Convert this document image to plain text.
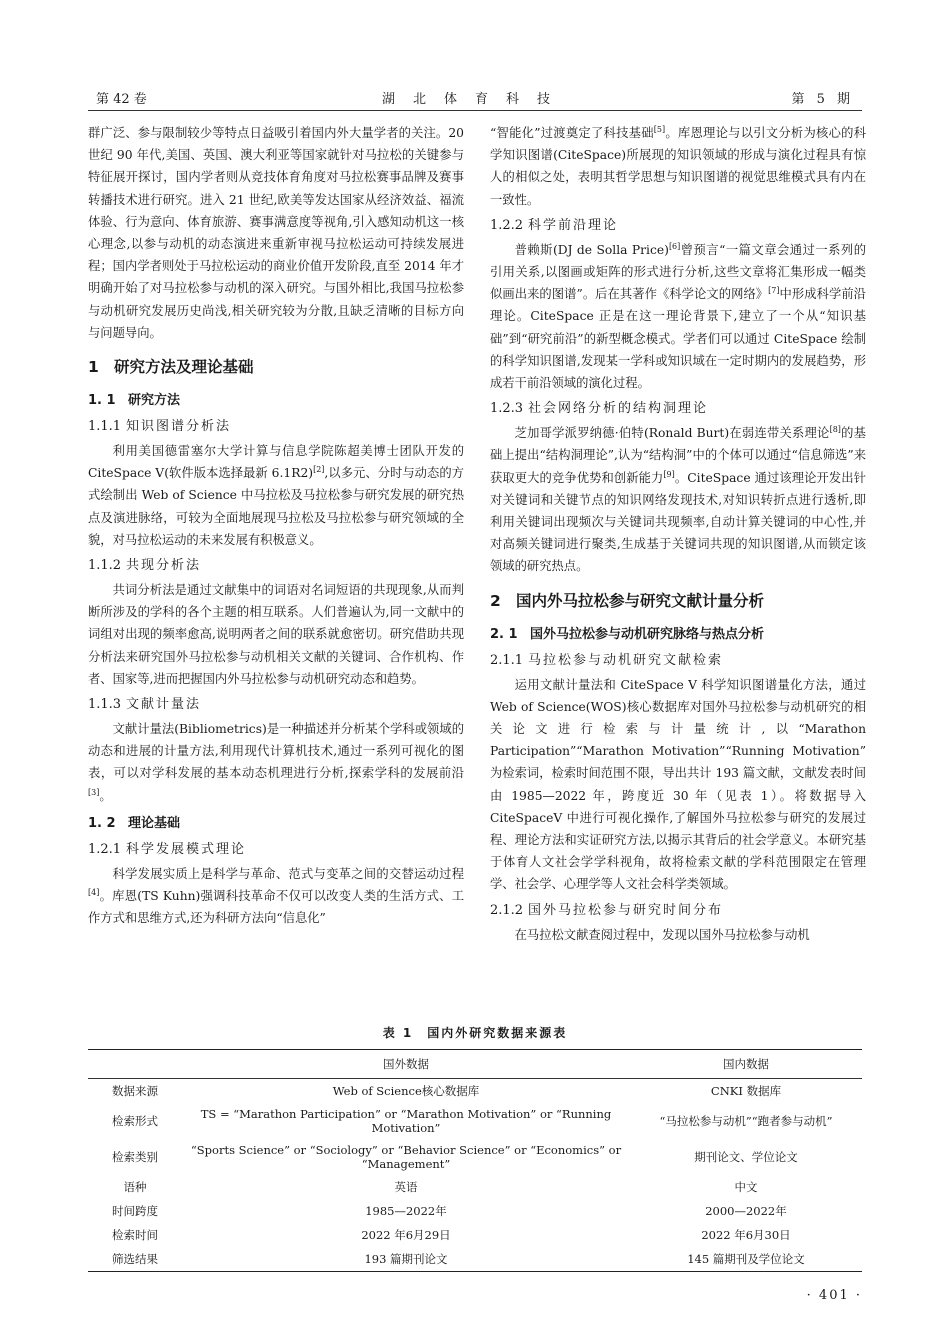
第 42 卷	湖北体育科技	第 5 期

群广泛、参与限制较少等特点日益吸引着国内外大量学者的关注。20 世纪 90 年代,美国、英国、澳大利亚等国家就针对马拉松的关键参与特征展开探讨，国内学者则从竞技体育角度对马拉松赛事品牌及赛事转播技术进行研究。进入 21 世纪,欧美等发达国家从经济效益、福流体验、行为意向、体育旅游、赛事满意度等视角,引入感知动机这一核心理念,以参与动机的动态演进来重新审视马拉松运动可持续发展进程；国内学者则处于马拉松运动的商业价值开发阶段,直至 2014 年才明确开始了对马拉松参与动机的深入研究。与国外相比,我国马拉松参与动机研究发展历史尚浅,相关研究较为分散,且缺乏清晰的目标方向与问题导向。

1 研究方法及理论基础
1. 1 研究方法
1.1.1 知识图谱分析法

利用美国德雷塞尔大学计算与信息学院陈超美博士团队开发的 CiteSpace Ⅴ(软件版本选择最新 6.1R2)[2],以多元、分时与动态的方式绘制出 Web of Science 中马拉松及马拉松参与研究发展的研究热点及演进脉络，可较为全面地展现马拉松及马拉松参与研究领域的全貌，对马拉松运动的未来发展有积极意义。

1.1.2 共现分析法

共词分析法是通过文献集中的词语对名词短语的共现现象,从而判断所涉及的学科的各个主题的相互联系。人们普遍认为,同一文献中的词组对出现的频率愈高,说明两者之间的联系就愈密切。研究借助共现分析法来研究国外马拉松参与动机相关文献的关键词、合作机构、作者、国家等,进而把握国内外马拉松参与动机研究动态和趋势。

1.1.3 文献计量法

文献计量法(Bibliometrics)是一种描述并分析某个学科或领域的动态和进展的计量方法,利用现代计算机技术,通过一系列可视化的图表，可以对学科发展的基本动态机理进行分析,探索学科的发展前沿[3]。

1. 2 理论基础
1.2.1 科学发展模式理论

科学发展实质上是科学与革命、范式与变革之间的交替运动过程[4]。库恩(TS Kuhn)强调科技革命不仅可以改变人类的生活方式、工作方式和思维方式,还为科研方法向“信息化”

“智能化”过渡奠定了科技基础[5]。库恩理论与以引文分析为核心的科学知识图谱(CiteSpace)所展现的知识领域的形成与演化过程具有惊人的相似之处，表明其哲学思想与知识图谱的视觉思维模式具有内在一致性。

1.2.2 科学前沿理论

普赖斯(DJ de Solla Price)[6]曾预言“一篇文章会通过一系列的引用关系,以图画或矩阵的形式进行分析,这些文章将汇集形成一幅类似画出来的图谱”。后在其著作《科学论文的网络》[7]中形成科学前沿理论。CiteSpace 正是在这一理论背景下,建立了一个从“知识基础”到“研究前沿”的新型概念模式。学者们可以通过 CiteSpace 绘制的科学知识图谱,发现某一学科或知识域在一定时期内的发展趋势，形成若干前沿领域的演化过程。

1.2.3 社会网络分析的结构洞理论

芝加哥学派罗纳德·伯特(Ronald Burt)在弱连带关系理论[8]的基础上提出“结构洞理论”,认为“结构洞”中的个体可以通过“信息筛选”来获取更大的竞争优势和创新能力[9]。CiteSpace 通过该理论开发出针对关键词和关键节点的知识网络发现技术,对知识转折点进行透析,即利用关键词出现频次与关键词共现频率,自动计算关键词的中心性,并对高频关键词进行聚类,生成基于关键词共现的知识图谱,从而锁定该领域的研究热点。

2 国内外马拉松参与研究文献计量分析
2. 1 国外马拉松参与动机研究脉络与热点分析
2.1.1 马拉松参与动机研究文献检索

运用文献计量法和 CiteSpace V 科学知识图谱量化方法，通过 Web of Science(WOS)核心数据库对国外马拉松参与动机研究的相关论文进行检索与计量统计,以“Marathon Participation”“Marathon Motivation”“Running Motivation” 为检索词，检索时间范围不限，导出共计 193 篇文献，文献发表时间由 1985—2022 年，跨度近 30 年（见表 1）。将数据导入 CiteSpaceV 中进行可视化操作,了解国外马拉松参与研究的发展过程、理论方法和实证研究方法,以揭示其背后的社会学意义。本研究基于体育人文社会学学科视角，故将检索文献的学科范围限定在管理学、社会学、心理学等人文社会科学类领域。

2.1.2 国外马拉松参与研究时间分布

在马拉松文献查阅过程中，发现以国外马拉松参与动机

表 1　国内外研究数据来源表
	国外数据	国内数据
数据来源	Web of Science核心数据库	CNKI 数据库
检索形式	TS = “Marathon Participation” or “Marathon Motivation” or “Running Motivation”	“马拉松参与动机”“跑者参与动机”
检索类别	“Sports Science” or “Sociology” or “Behavior Science” or “Economics” or “Management”	期刊论文、学位论文
语种	英语	中文
时间跨度	1985—2022年	2000—2022年
检索时间	2022 年6月29日	2022 年6月30日
筛选结果	193 篇期刊论文	145 篇期刊及学位论文
· 401 ·
